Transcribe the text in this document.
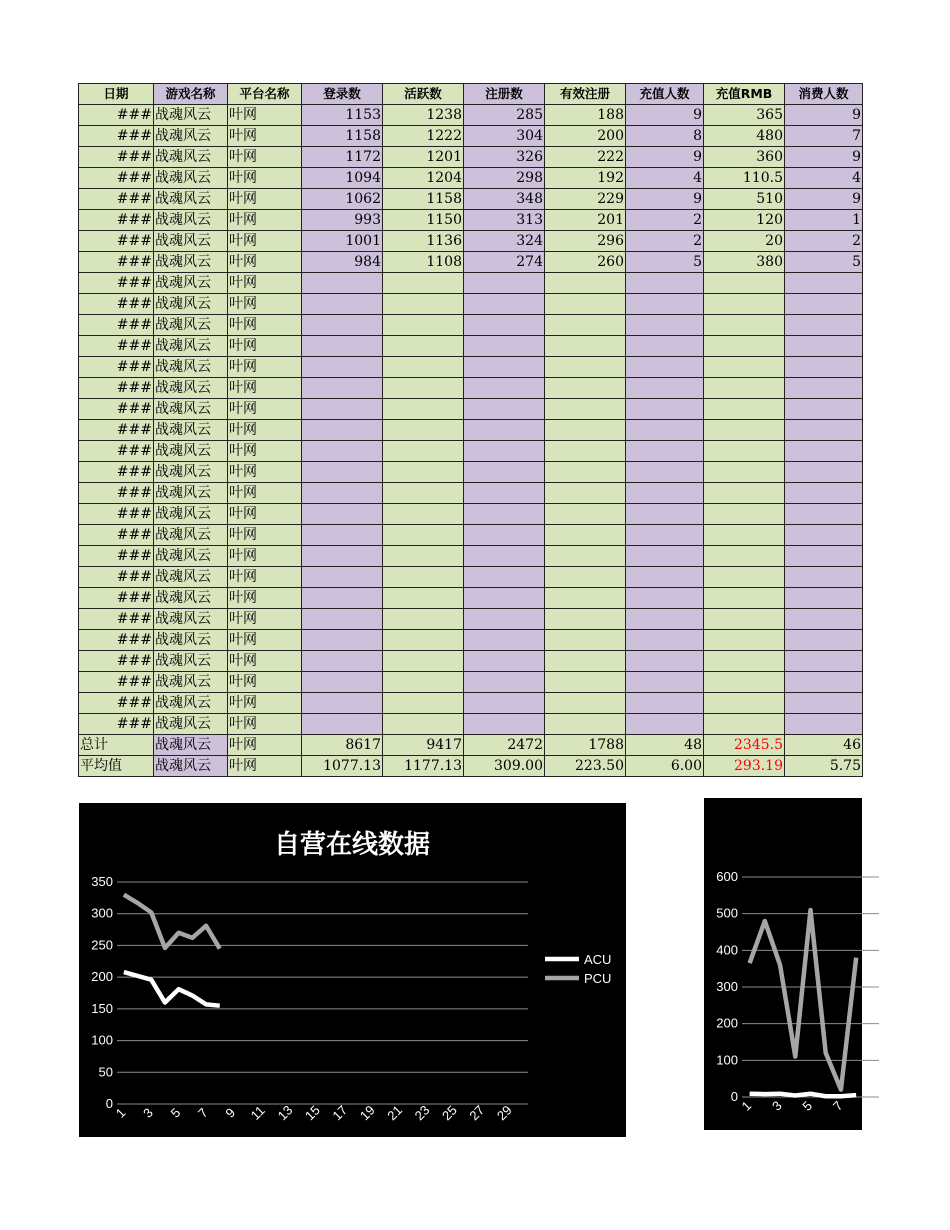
日期	游戏名称	平台名称	登录数	活跃数	注册数	有效注册	充值人数	充值RMB	消费人数
###	战魂风云	叶网	1153	1238	285	188	9	365	9
###	战魂风云	叶网	1158	1222	304	200	8	480	7
###	战魂风云	叶网	1172	1201	326	222	9	360	9
###	战魂风云	叶网	1094	1204	298	192	4	110.5	4
###	战魂风云	叶网	1062	1158	348	229	9	510	9
###	战魂风云	叶网	993	1150	313	201	2	120	1
###	战魂风云	叶网	1001	1136	324	296	2	20	2
###	战魂风云	叶网	984	1108	274	260	5	380	5
###	战魂风云	叶网							
###	战魂风云	叶网							
###	战魂风云	叶网							
###	战魂风云	叶网							
###	战魂风云	叶网							
###	战魂风云	叶网							
###	战魂风云	叶网							
###	战魂风云	叶网							
###	战魂风云	叶网							
###	战魂风云	叶网							
###	战魂风云	叶网							
###	战魂风云	叶网							
###	战魂风云	叶网							
###	战魂风云	叶网							
###	战魂风云	叶网							
###	战魂风云	叶网							
###	战魂风云	叶网							
###	战魂风云	叶网							
###	战魂风云	叶网							
###	战魂风云	叶网							
###	战魂风云	叶网							
###	战魂风云	叶网							
总计	战魂风云	叶网	8617	9417	2472	1788	48	2345.5	46
平均值	战魂风云	叶网	1077.13	1177.13	309.00	223.50	6.00	293.19	5.75
自营在线数据
0
50
100
150
200
250
300
350
1 3 5 7 9 11 13 15 17 19 21 23 25 27 29
ACU
PCU
0
100
200
300
400
500
600
1 3 5 7 9
